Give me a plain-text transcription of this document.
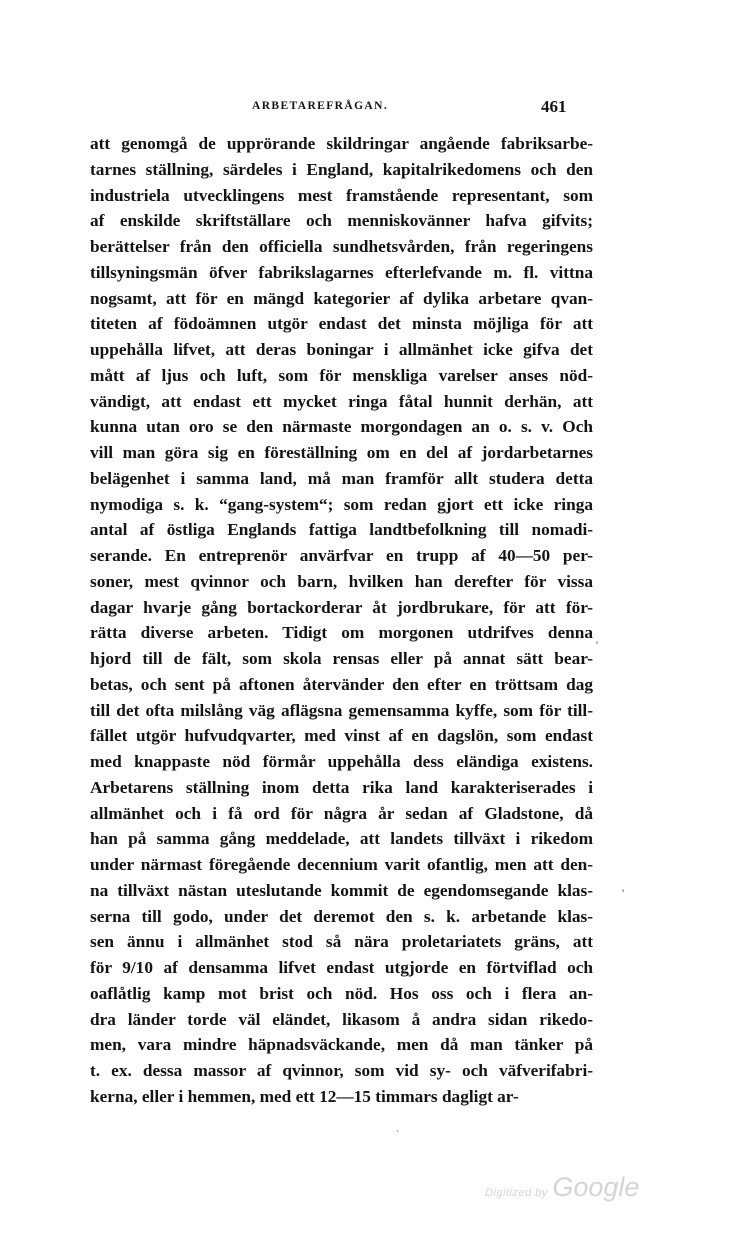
ARBETAREFRÅGAN.	461
att genomgå de upprörande skildringar angående fabriksarbe-
tarnes ställning, särdeles i England, kapitalrikedomens och den
industriela utvecklingens mest framstående representant, som
af enskilde skriftställare och menniskovänner hafva gifvits;
berättelser från den officiella sundhetsvården, från regeringens
tillsyningsmän öfver fabrikslagarnes efterlefvande m. fl. vittna
nogsamt, att för en mängd kategorier af dylika arbetare qvan-
titeten af födoämnen utgör endast det minsta möjliga för att
uppehålla lifvet, att deras boningar i allmänhet icke gifva det
mått af ljus och luft, som för menskliga varelser anses nöd-
vändigt, att endast ett mycket ringa fåtal hunnit derhän, att
kunna utan oro se den närmaste morgondagen an o. s. v. Och
vill man göra sig en föreställning om en del af jordarbetarnes
belägenhet i samma land, må man framför allt studera detta
nymodiga s. k. “gang-system“; som redan gjort ett icke ringa
antal af östliga Englands fattiga landtbefolkning till nomadi-
serande. En entreprenör anvärfvar en trupp af 40—50 per-
soner, mest qvinnor och barn, hvilken han derefter för vissa
dagar hvarje gång bortackorderar åt jordbrukare, för att för-
rätta diverse arbeten. Tidigt om morgonen utdrifves denna
hjord till de fält, som skola rensas eller på annat sätt bear-
betas, och sent på aftonen återvänder den efter en tröttsam dag
till det ofta milslång väg aflägsna gemensamma kyffe, som för till-
fället utgör hufvudqvarter, med vinst af en dagslön, som endast
med knappaste nöd förmår uppehålla dess eländiga existens.
Arbetarens ställning inom detta rika land karakteriserades i
allmänhet och i få ord för några år sedan af Gladstone, då
han på samma gång meddelade, att landets tillväxt i rikedom
under närmast föregående decennium varit ofantlig, men att den-
na tillväxt nästan uteslutande kommit de egendomsegande klas-
serna till godo, under det deremot den s. k. arbetande klas-
sen ännu i allmänhet stod så nära proletariatets gräns, att
för 9/10 af densamma lifvet endast utgjorde en förtviflad och
oaflåtlig kamp mot brist och nöd. Hos oss och i flera an-
dra länder torde väl eländet, likasom å andra sidan rikedo-
men, vara mindre häpnadsväckande, men då man tänker på
t. ex. dessa massor af qvinnor, som vid sy- och väfverifabri-
kerna, eller i hemmen, med ett 12—15 timmars dagligt ar-
'
'
`
Digitized by Google
